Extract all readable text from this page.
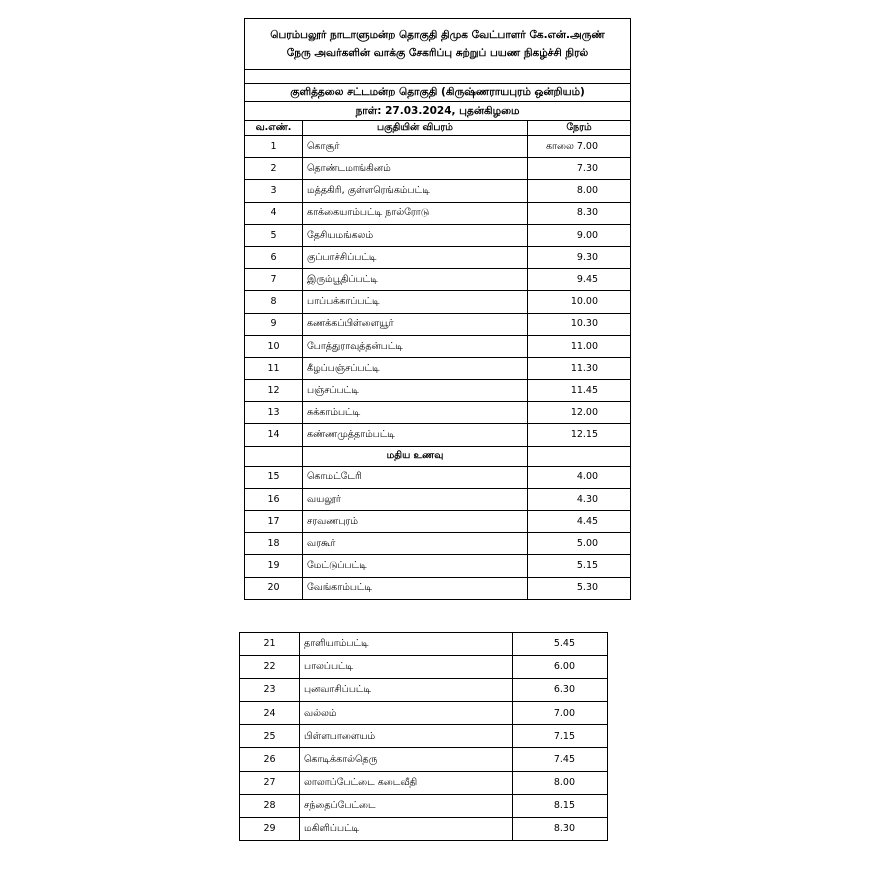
பெரம்பலூர் நாடாளுமன்ற தொகுதி திமுக வேட்பாளர் கே.என்.அருண்
நேரு அவர்களின் வாக்கு சேகரிப்பு சுற்றுப் பயண நிகழ்ச்சி நிரல்		

குளித்தலை சட்டமன்ற தொகுதி (கிருஷ்ணராயபுரம் ஒன்றியம்)		
நாள்: 27.03.2024, புதன்கிழமை		
வ.எண்.	பகுதியின் விபரம்	நேரம்
1	கொசூர்	காலை 7.00
2	தொண்டமாங்கினம்	7.30
3	மத்தகிரி, குள்ளரெங்கம்பட்டி	8.00
4	காக்கையாம்பட்டி நால்ரோடு	8.30
5	தேசியமங்கலம்	9.00
6	குப்பாச்சிப்பட்டி	9.30
7	இரும்பூதிப்பட்டி	9.45
8	பாப்பக்காப்பட்டி	10.00
9	கணக்கப்பிள்ளையூர்	10.30
10	போத்துராவுத்தன்பட்டி	11.00
11	கீழப்பஞ்சப்பட்டி	11.30
12	பஞ்சப்பட்டி	11.45
13	சுக்காம்பட்டி	12.00
14	கண்ணமுத்தாம்பட்டி	12.15
	மதிய உணவு	
15	கொமட்டேரி	4.00
16	வயலூர்	4.30
17	சரவணபுரம்	4.45
18	வரகூர்	5.00
19	மேட்டுப்பட்டி	5.15
20	வேங்காம்பட்டி	5.30
21	தாளியாம்பட்டி	5.45
22	பாலப்பட்டி	6.00
23	புனவாசிப்பட்டி	6.30
24	வல்லம்	7.00
25	பிள்ளபாளையம்	7.15
26	கொடிக்கால்தெரு	7.45
27	லாலாப்பேட்டை கடைவீதி	8.00
28	சந்தைப்பேட்டை	8.15
29	மகிளிப்பட்டி	8.30
